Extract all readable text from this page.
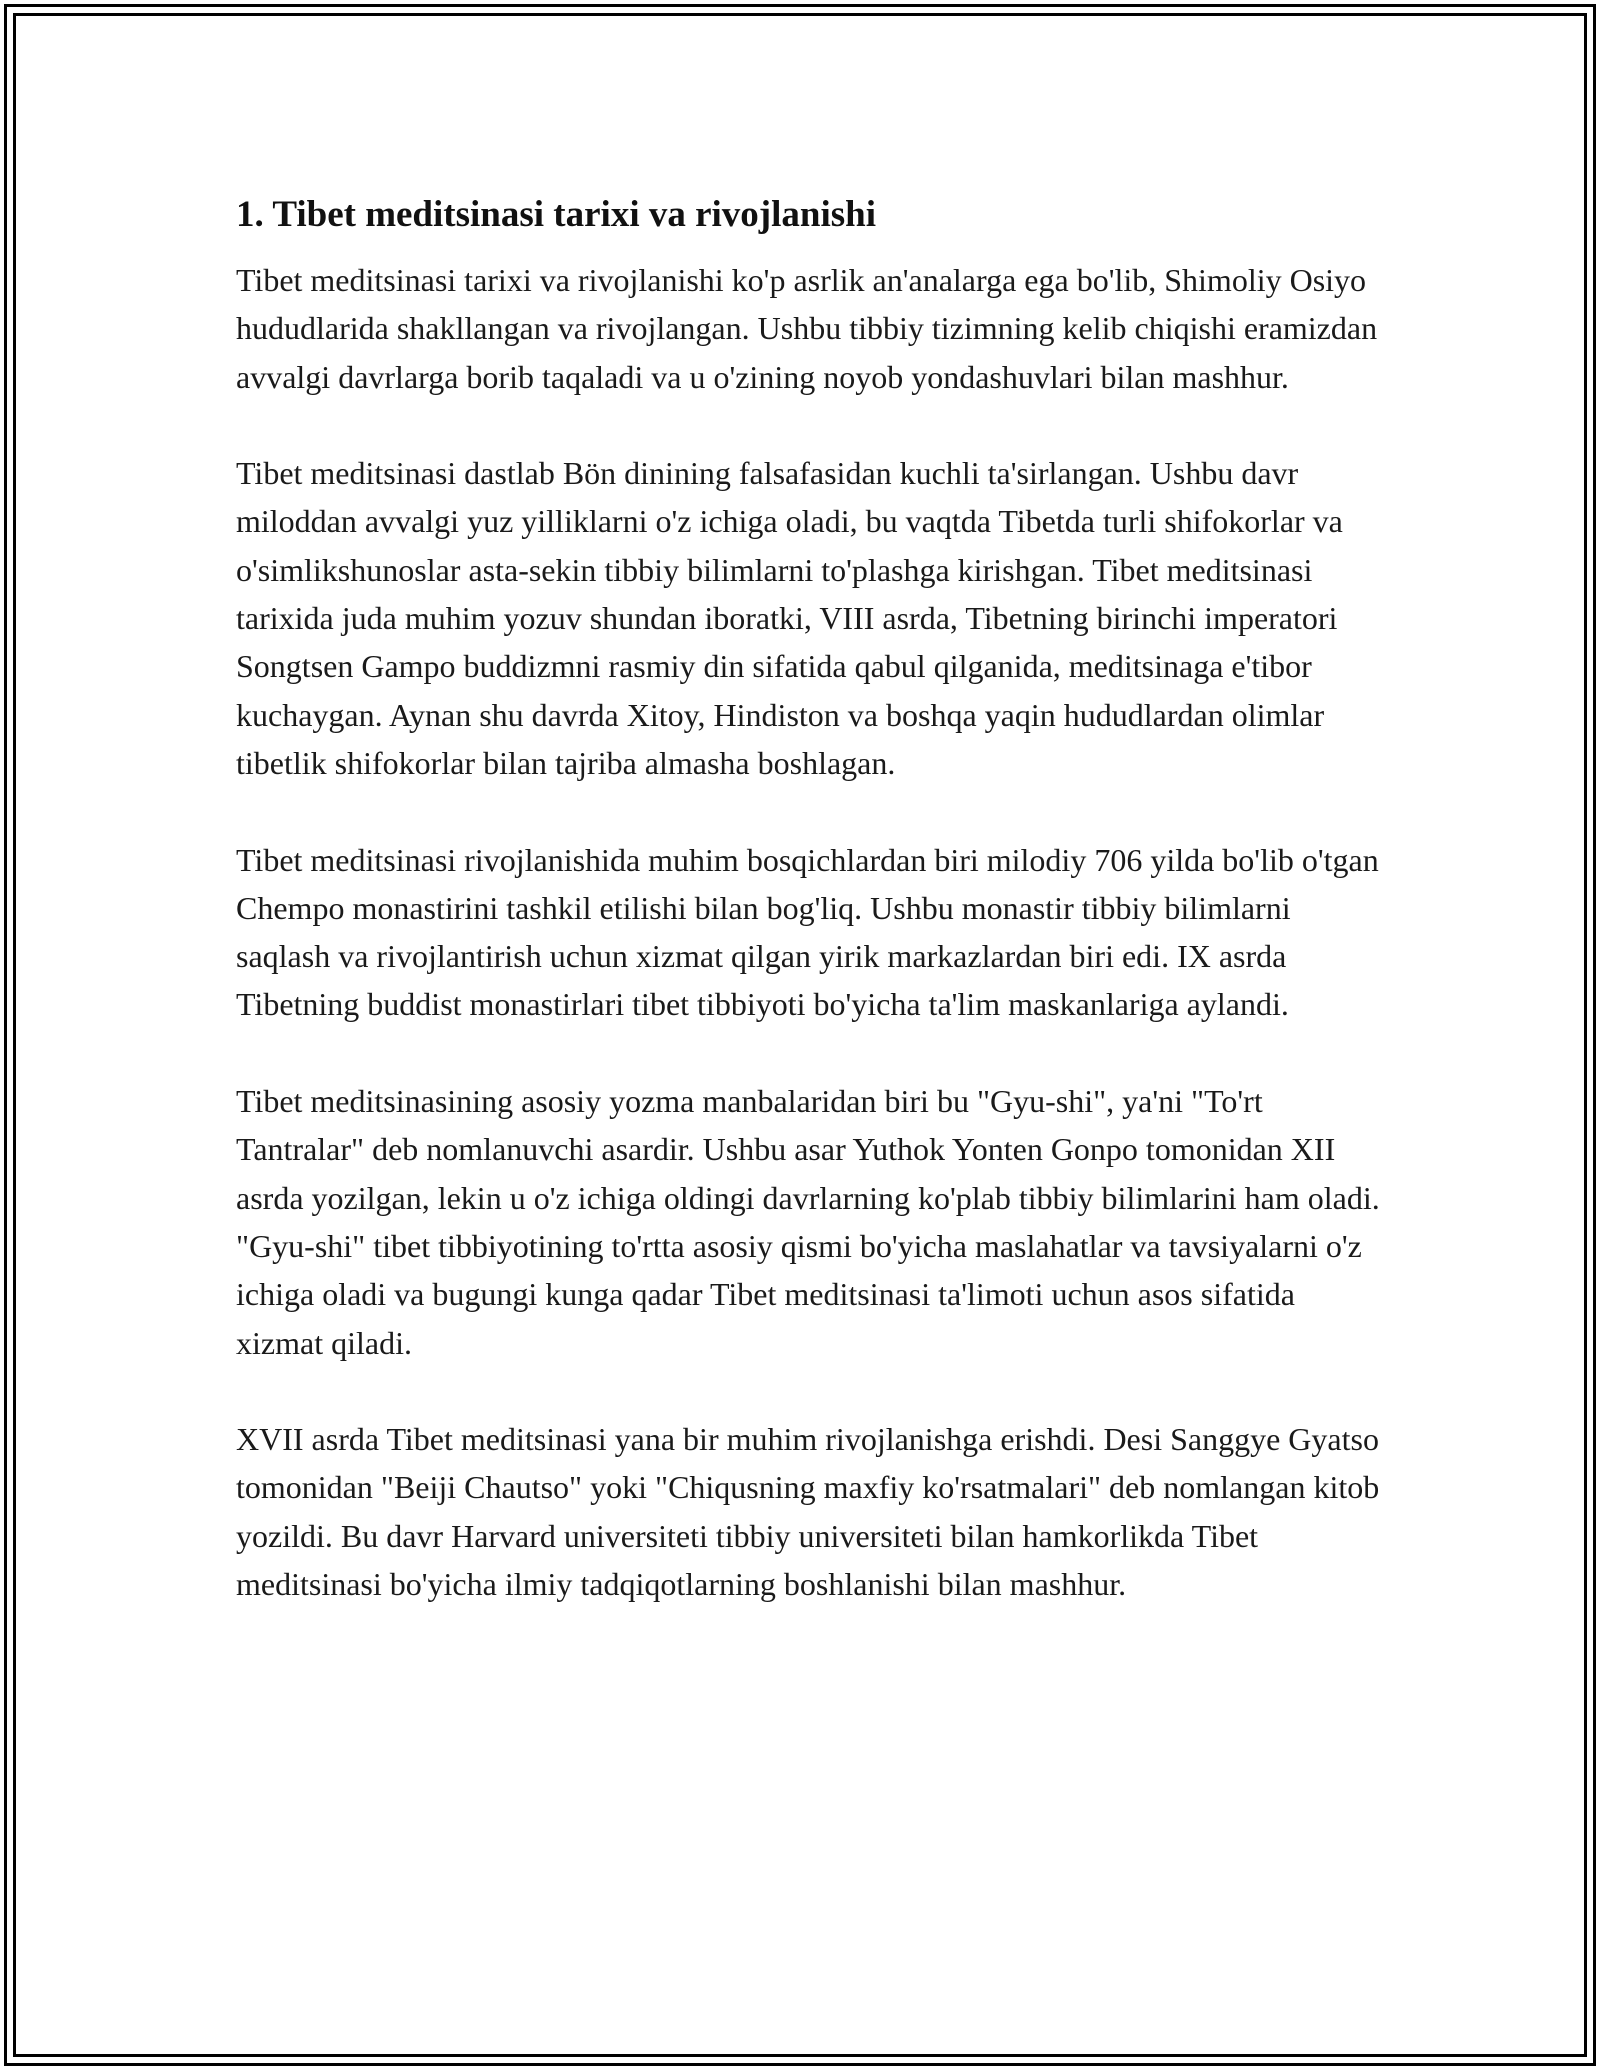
1. Tibet meditsinasi tarixi va rivojlanishi

Tibet meditsinasi tarixi va rivojlanishi ko'p asrlik an'analarga ega bo'lib, Shimoliy Osiyo hududlarida shakllangan va rivojlangan. Ushbu tibbiy tizimning kelib chiqishi eramizdan avvalgi davrlarga borib taqaladi va u o'zining noyob yondashuvlari bilan mashhur.

Tibet meditsinasi dastlab Bön dinining falsafasidan kuchli ta'sirlangan. Ushbu davr miloddan avvalgi yuz yilliklarni o'z ichiga oladi, bu vaqtda Tibetda turli shifokorlar va o'simlikshunoslar asta-sekin tibbiy bilimlarni to'plashga kirishgan. Tibet meditsinasi tarixida juda muhim yozuv shundan iboratki, VIII asrda, Tibetning birinchi imperatori Songtsen Gampo buddizmni rasmiy din sifatida qabul qilganida, meditsinaga e'tibor kuchaygan. Aynan shu davrda Xitoy, Hindiston va boshqa yaqin hududlardan olimlar tibetlik shifokorlar bilan tajriba almasha boshlagan.

Tibet meditsinasi rivojlanishida muhim bosqichlardan biri milodiy 706 yilda bo'lib o'tgan Chempo monastirini tashkil etilishi bilan bog'liq. Ushbu monastir tibbiy bilimlarni saqlash va rivojlantirish uchun xizmat qilgan yirik markazlardan biri edi. IX asrda Tibetning buddist monastirlari tibet tibbiyoti bo'yicha ta'lim maskanlariga aylandi.

Tibet meditsinasining asosiy yozma manbalaridan biri bu "Gyu-shi", ya'ni "To'rt Tantralar" deb nomlanuvchi asardir. Ushbu asar Yuthok Yonten Gonpo tomonidan XII asrda yozilgan, lekin u o'z ichiga oldingi davrlarning ko'plab tibbiy bilimlarini ham oladi. "Gyu-shi" tibet tibbiyotining to'rtta asosiy qismi bo'yicha maslahatlar va tavsiyalarni o'z ichiga oladi va bugungi kunga qadar Tibet meditsinasi ta'limoti uchun asos sifatida xizmat qiladi.

XVII asrda Tibet meditsinasi yana bir muhim rivojlanishga erishdi. Desi Sanggye Gyatso tomonidan "Beiji Chautso" yoki "Chiqusning maxfiy ko'rsatmalari" deb nomlangan kitob yozildi. Bu davr Harvard universiteti tibbiy universiteti bilan hamkorlikda Tibet meditsinasi bo'yicha ilmiy tadqiqotlarning boshlanishi bilan mashhur.
